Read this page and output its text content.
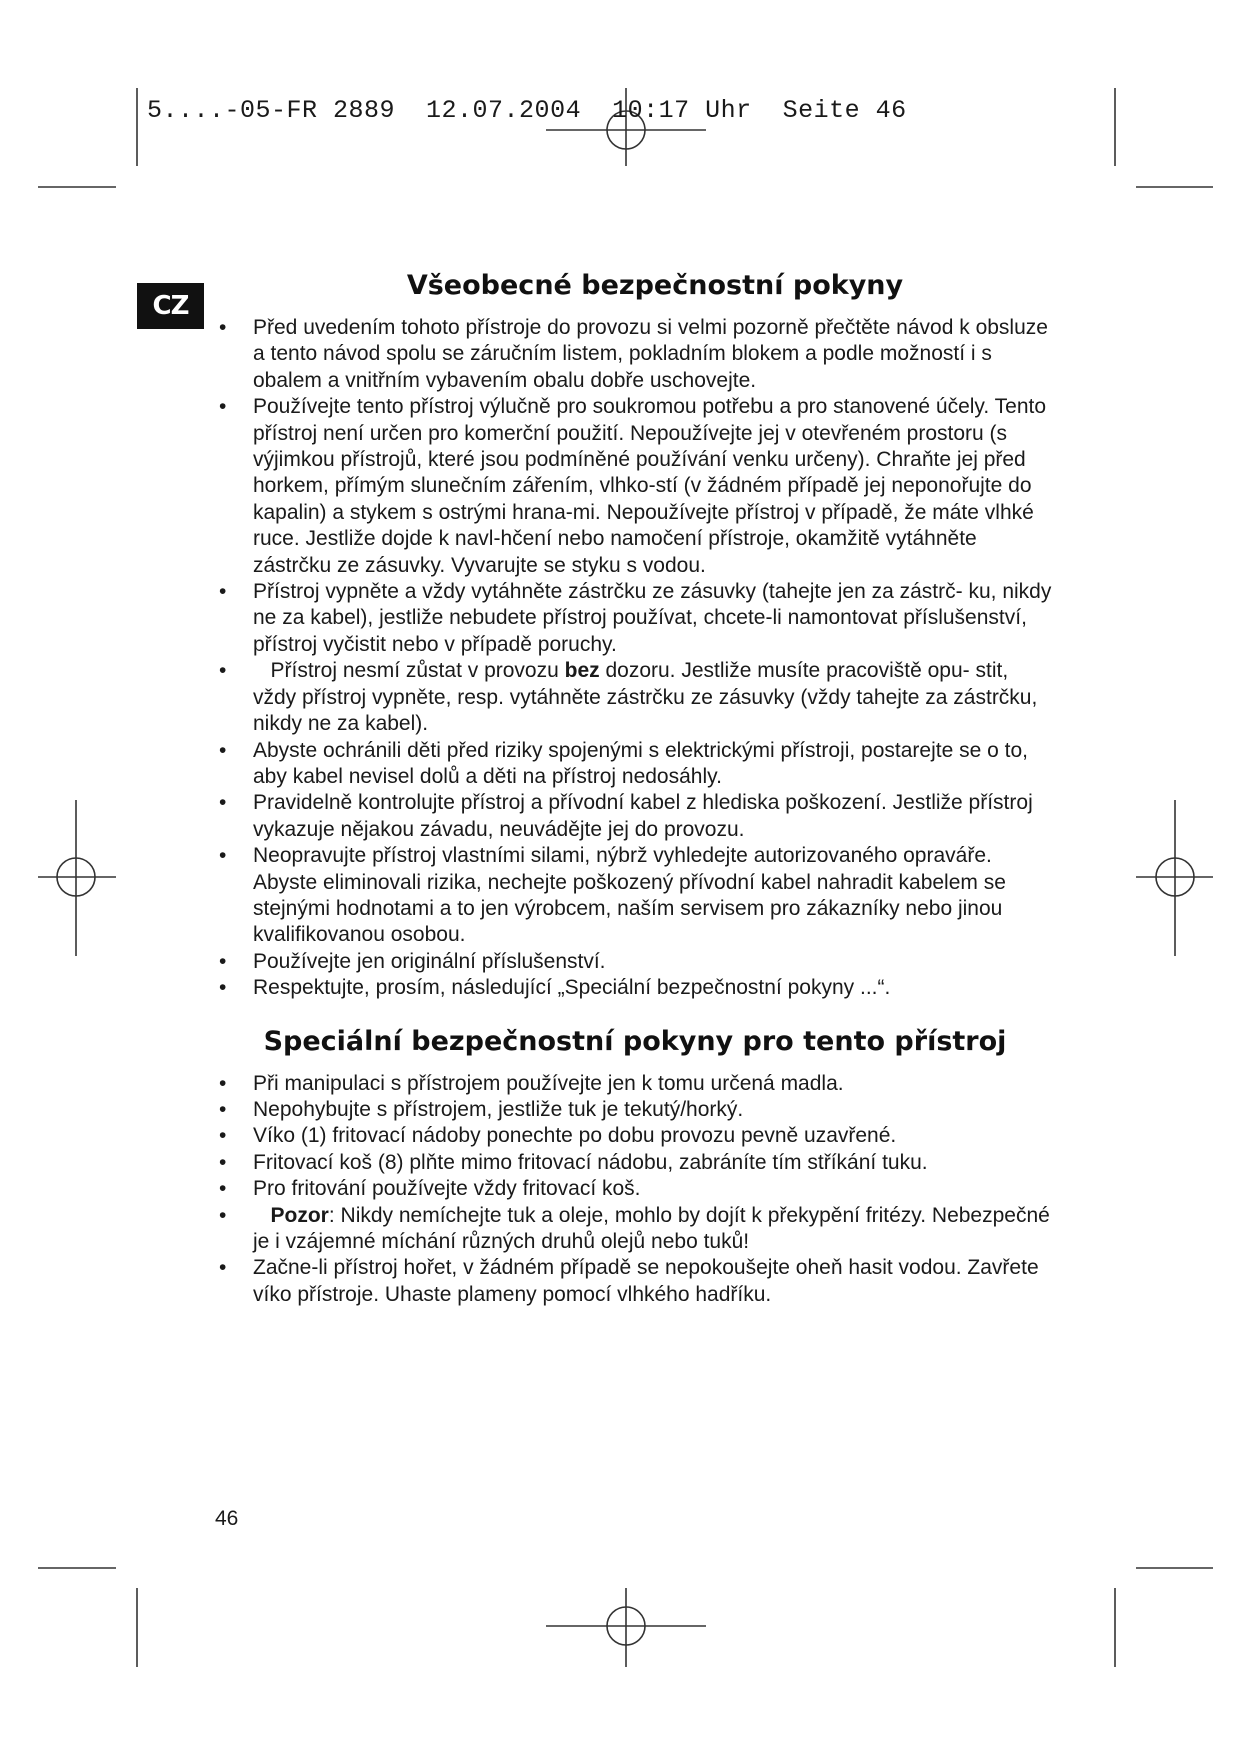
5....-05-FR 2889  12.07.2004  10:17 Uhr  Seite 46
CZ
Všeobecné bezpečnostní pokyny
• Před uvedením tohoto přístroje do provozu si velmi pozorně přečtěte návod k obsluze a tento návod spolu se záručním listem, pokladním blokem a podle možností i s obalem a vnitřním vybavením obalu dobře uschovejte.
• Používejte tento přístroj výlučně pro soukromou potřebu a pro stanovené účely. Tento přístroj není určen pro komerční použití. Nepoužívejte jej v otevřeném prostoru (s výjimkou přístrojů, které jsou podmíněné používání venku určeny). Chraňte jej před horkem, přímým slunečním zářením, vlhko-stí (v žádném případě jej neponořujte do kapalin) a stykem s ostrými hrana-mi. Nepoužívejte přístroj v případě, že máte vlhké ruce. Jestliže dojde k navl-hčení nebo namočení přístroje, okamžitě vytáhněte zástrčku ze zásuvky. Vyvarujte se styku s vodou.
• Přístroj vypněte a vždy vytáhněte zástrčku ze zásuvky (tahejte jen za zástrč- ku, nikdy ne za kabel), jestliže nebudete přístroj používat, chcete-li namontovat příslušenství, přístroj vyčistit nebo v případě poruchy.
• Přístroj nesmí zůstat v provozu bez dozoru. Jestliže musíte pracoviště opu- stit, vždy přístroj vypněte, resp. vytáhněte zástrčku ze zásuvky (vždy tahejte za zástrčku, nikdy ne za kabel).
• Abyste ochránili děti před riziky spojenými s elektrickými přístroji, postarejte se o to, aby kabel nevisel dolů a děti na přístroj nedosáhly.
• Pravidelně kontrolujte přístroj a přívodní kabel z hlediska poškození. Jestliže přístroj vykazuje nějakou závadu, neuvádějte jej do provozu.
• Neopravujte přístroj vlastními silami, nýbrž vyhledejte autorizovaného opraváře. Abyste eliminovali rizika, nechejte poškozený přívodní kabel nahradit kabelem se stejnými hodnotami a to jen výrobcem, naším servisem pro zákazníky nebo jinou kvalifikovanou osobou.
• Používejte jen originální příslušenství.
• Respektujte, prosím, následující „Speciální bezpečnostní pokyny ...“.
Speciální bezpečnostní pokyny pro tento přístroj
• Při manipulaci s přístrojem používejte jen k tomu určená madla.
• Nepohybujte s přístrojem, jestliže tuk je tekutý/horký.
• Víko (1) fritovací nádoby ponechte po dobu provozu pevně uzavřené.
• Fritovací koš (8) plňte mimo fritovací nádobu, zabráníte tím stříkání tuku.
• Pro fritování používejte vždy fritovací koš.
• Pozor: Nikdy nemíchejte tuk a oleje, mohlo by dojít k překypění fritézy. Nebezpečné je i vzájemné míchání různých druhů olejů nebo tuků!
• Začne-li přístroj hořet, v žádném případě se nepokoušejte oheň hasit vodou. Zavřete víko přístroje. Uhaste plameny pomocí vlhkého hadříku.
46
